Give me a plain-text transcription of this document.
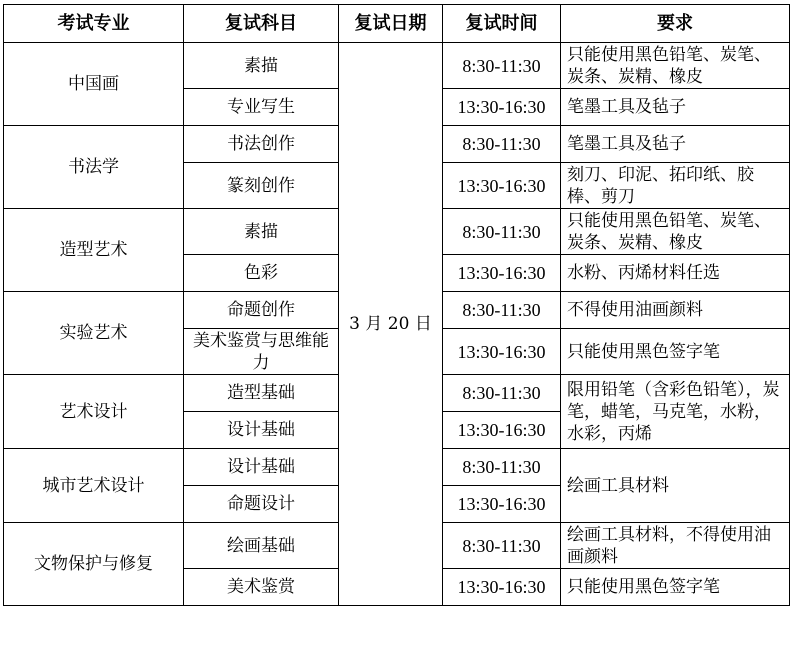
考试专业	复试科目	复试日期	复试时间	要求
中国画	素描	3 月 20 日	8:30-11:30	只能使用黑色铅笔、炭笔、炭条、炭精、橡皮
	专业写生		13:30-16:30	笔墨工具及毡子
书法学	书法创作		8:30-11:30	笔墨工具及毡子
	篆刻创作		13:30-16:30	刻刀、印泥、拓印纸、胶棒、剪刀
造型艺术	素描		8:30-11:30	只能使用黑色铅笔、炭笔、炭条、炭精、橡皮
	色彩		13:30-16:30	水粉、丙烯材料任选
实验艺术	命题创作		8:30-11:30	不得使用油画颜料
	美术鉴赏与思维能力		13:30-16:30	只能使用黑色签字笔
艺术设计	造型基础		8:30-11:30	限用铅笔（含彩色铅笔），炭笔，蜡笔，马克笔，水粉，水彩，丙烯
	设计基础		13:30-16:30	
城市艺术设计	设计基础		8:30-11:30	绘画工具材料
	命题设计		13:30-16:30	
文物保护与修复	绘画基础		8:30-11:30	绘画工具材料，不得使用油画颜料
	美术鉴赏		13:30-16:30	只能使用黑色签字笔
